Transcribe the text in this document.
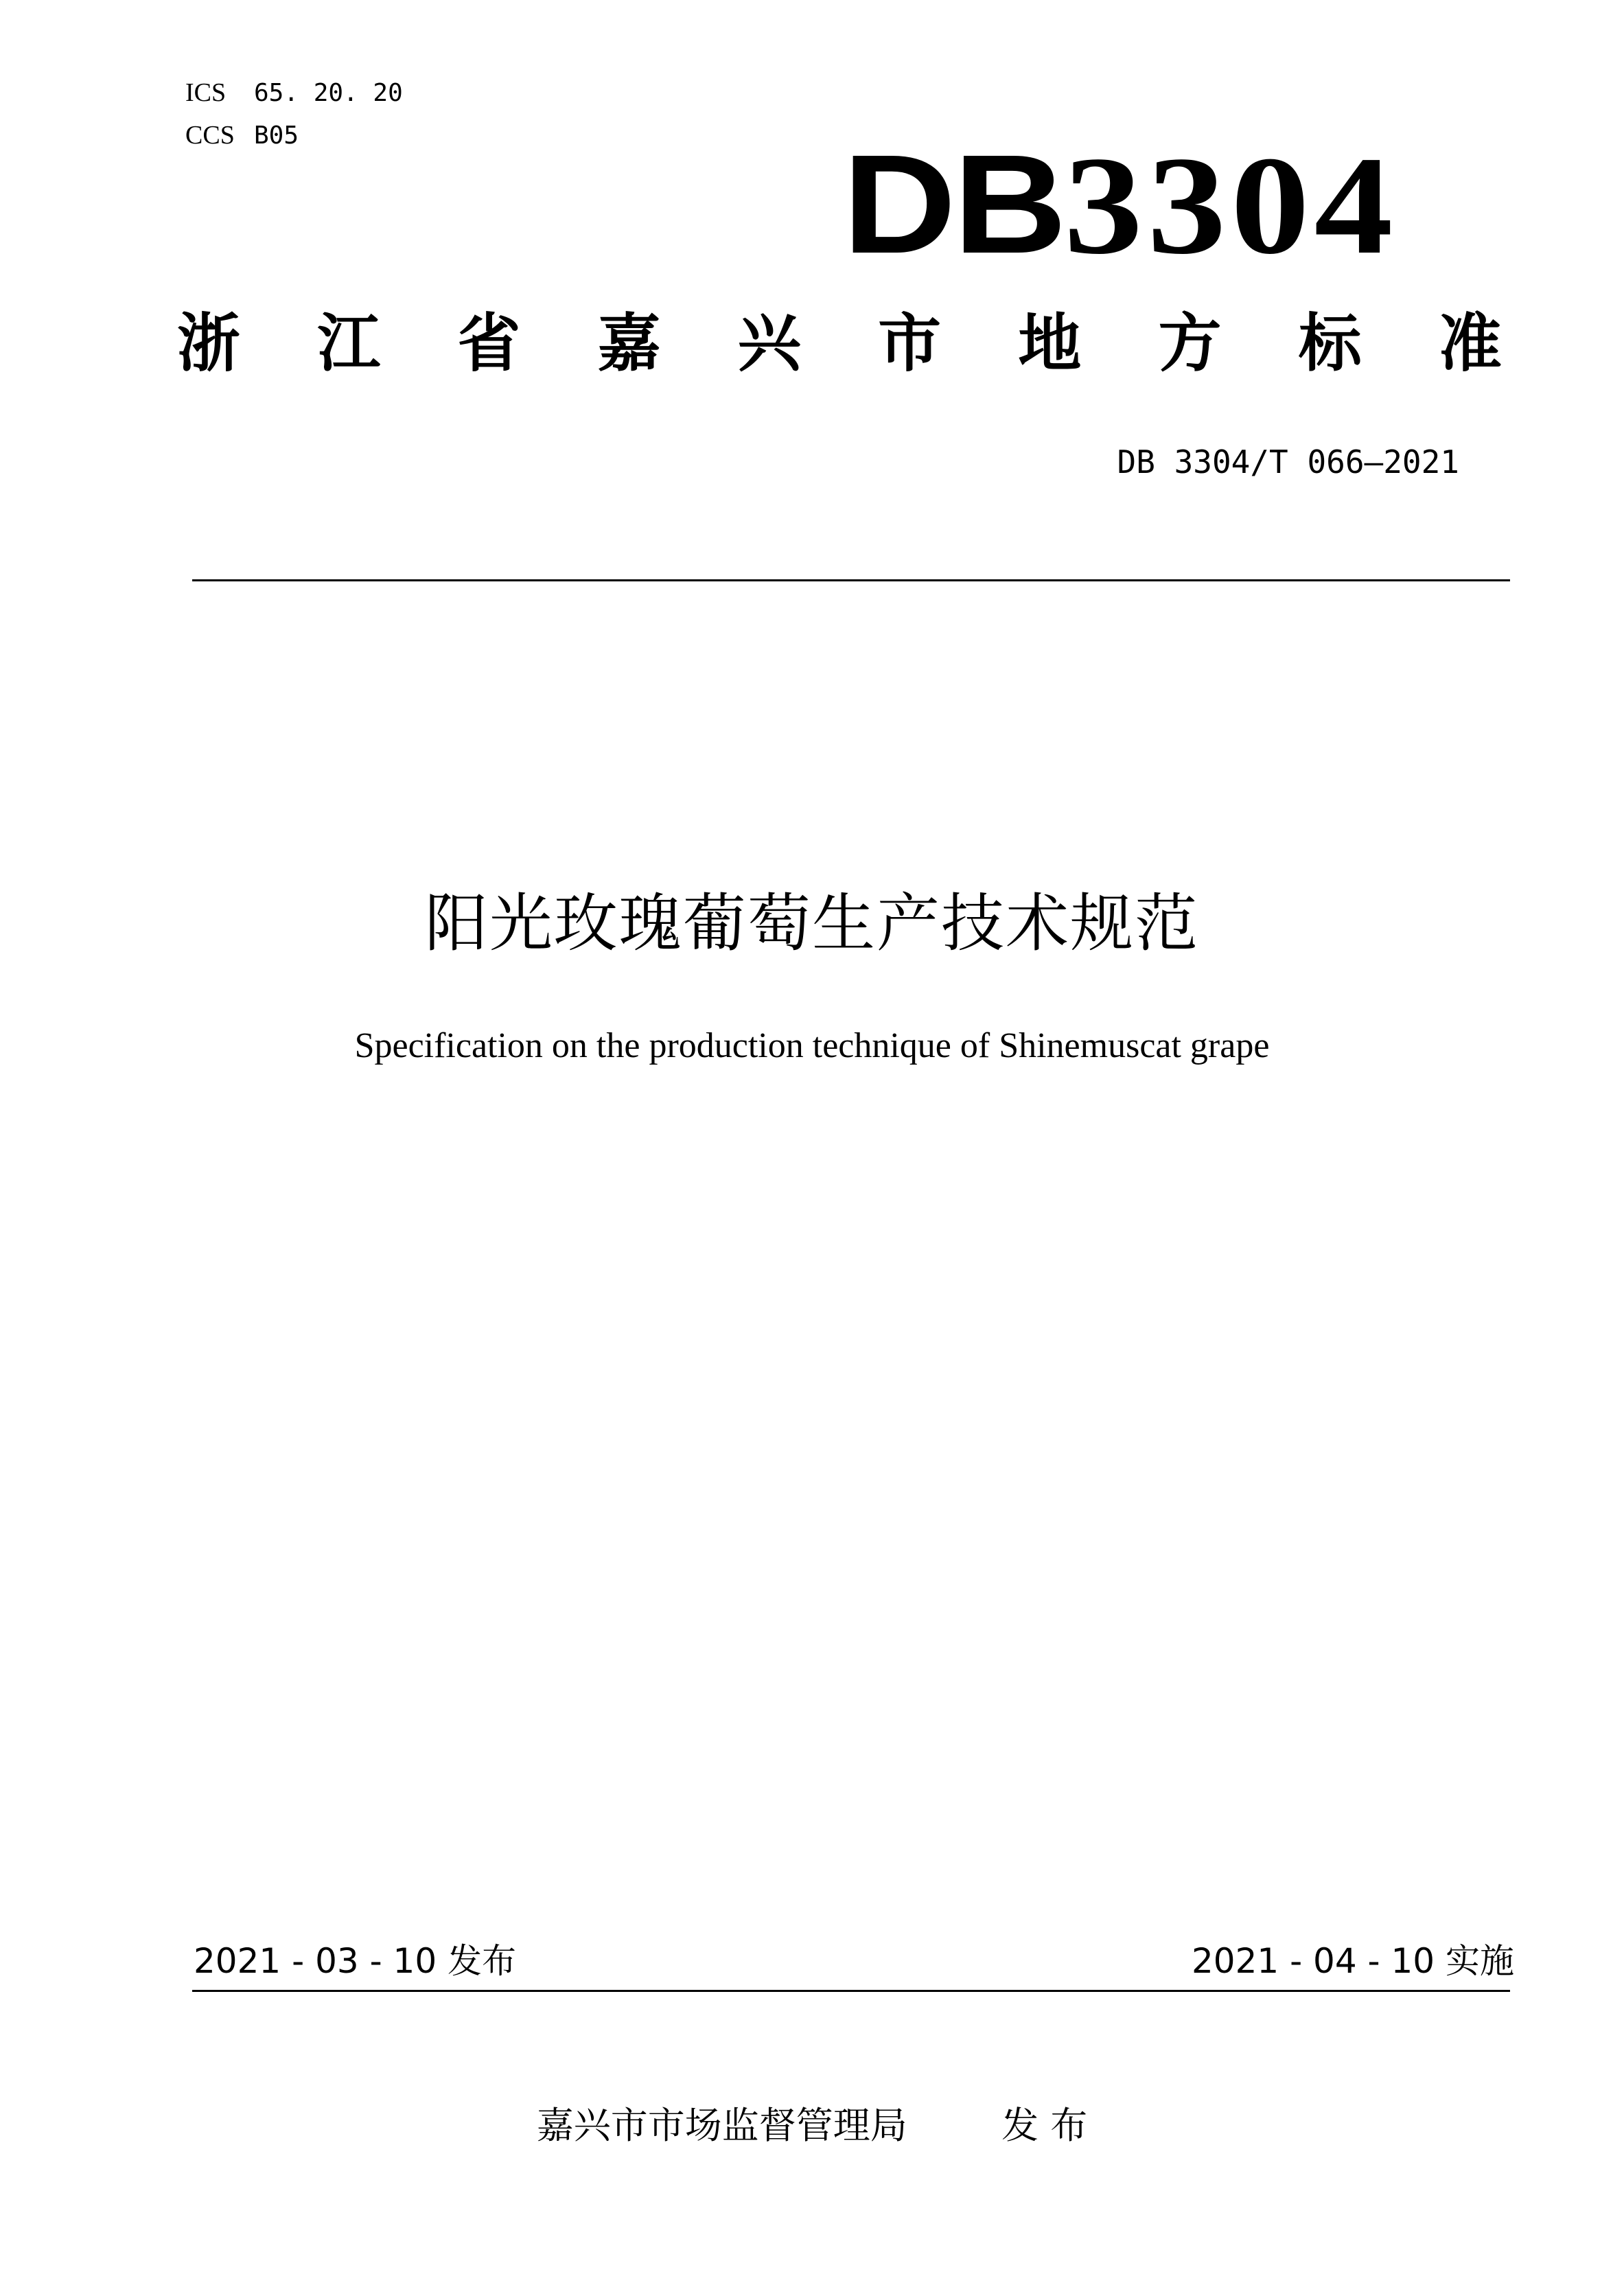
ICS 65. 20. 20
CCS B05	DB3304
浙 江 省 嘉 兴 市 地 方 标 准
DB 3304/T 066—2021
阳光玫瑰葡萄生产技术规范
Specification on the production technique of Shinemuscat grape
2021 - 03 - 10 发布	2021 - 04 - 10 实施
嘉兴市市场监督管理局	发 布
